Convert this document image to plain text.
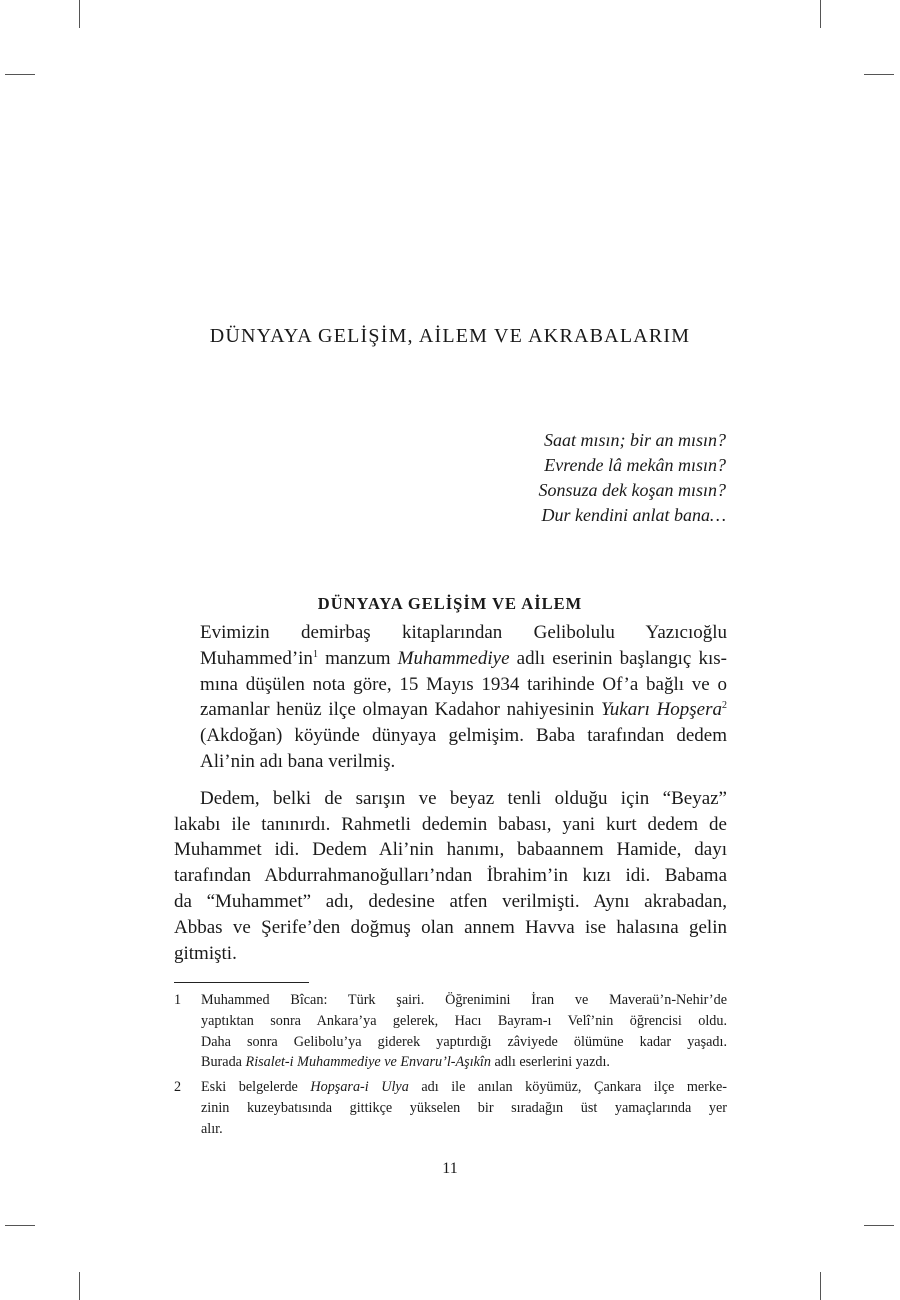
DÜNYAYA GELİŞİM, AİLEM VE AKRABALARIM
Saat mısın; bir an mısın?
Evrende lâ mekân mısın?
Sonsuza dek koşan mısın?
Dur kendini anlat bana…
DÜNYAYA GELİŞİM VE AİLEM

Evimizin demirbaş kitaplarından Gelibolulu Yazıcıoğlu
$Muhammed’in^1$ manzum Muhammediye adlı eserinin başlangıç kıs-
mına düşülen nota göre, 15 Mayıs 1934 tarihinde Of’a bağlı ve o
zamanlar henüz ilçe olmayan Kadahor nahiyesinin Yukarı Hopşera$^2$
(Akdoğan) köyünde dünyaya gelmişim. Baba tarafından dedem
Ali’nin adı bana verilmiş.

Dedem, belki de sarışın ve beyaz tenli olduğu için “Beyaz”
lakabı ile tanınırdı. Rahmetli dedemin babası, yani kurt dedem de
Muhammet idi. Dedem Ali’nin hanımı, babaannem Hamide, dayı
tarafından Abdurrahmanoğulları’ndan İbrahim’in kızı idi. Babama
da “Muhammet” adı, dedesine atfen verilmişti. Aynı akrabadan,
Abbas ve Şerife’den doğmuş olan annem Havva ise halasına gelin
gitmişti.

1 Muhammed Bîcan: Türk şairi. Öğrenimini İran ve Maveraü’n-Nehir’de
yaptıktan sonra Ankara’ya gelerek, Hacı Bayram-ı Velî’nin öğrencisi oldu.
Daha sonra Gelibolu’ya giderek yaptırdığı zâviyede ölümüne kadar yaşadı.
Burada Risalet-i Muhammediye ve Envaru’l-Aşıkîn adlı eserlerini yazdı.
2 Eski belgelerde Hopşara-i Ulya adı ile anılan köyümüz, Çankara ilçe merke-
zinin kuzeybatısında gittikçe yükselen bir sıradağın üst yamaçlarında yer
alır.
11
